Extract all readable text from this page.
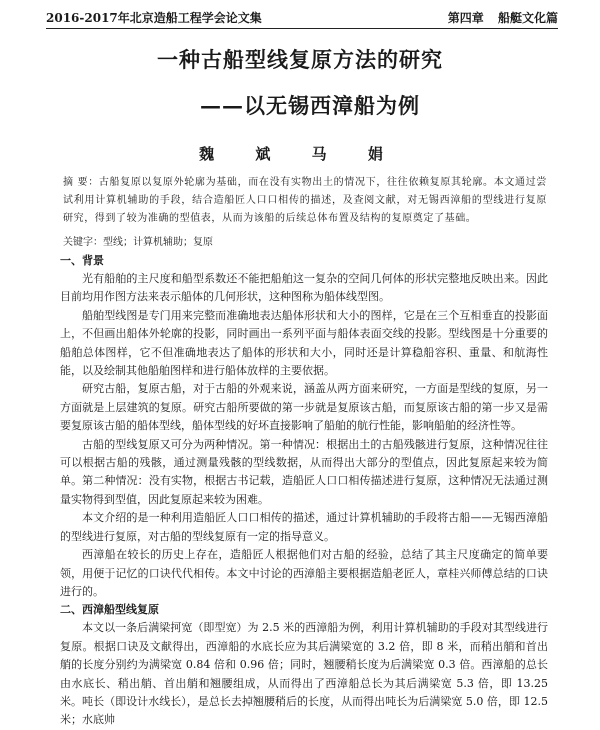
2016-2017年北京造船工程学会论文集	第四章 船艇文化篇
一种古船型线复原方法的研究
——以无锡西漳船为例
魏 斌 马 娟
摘 要：古船复原以复原外轮廓为基础，而在没有实物出土的情况下，往往依赖复原其轮廓。本文通过尝试利用计算机辅助的手段，结合造船匠人口口相传的描述，及查阅文献，对无锡西漳船的型线进行复原研究，得到了较为准确的型值表，从而为该船的后续总体布置及结构的复原奠定了基础。
关键字：型线；计算机辅助；复原
一、背景

光有船舶的主尺度和船型系数还不能把船舶这一复杂的空间几何体的形状完整地反映出来。因此目前均用作图方法来表示船体的几何形状，这种图称为船体线型图。

船舶型线图是专门用来完整而准确地表达船体形状和大小的图样，它是在三个互相垂直的投影面上，不但画出船体外轮廓的投影，同时画出一系列平面与船体表面交线的投影。型线图是十分重要的船舶总体图样，它不但准确地表达了船体的形状和大小，同时还是计算稳船容积、重量、和航海性能，以及绘制其他船舶图样和进行船体放样的主要依据。

研究古船，复原古船，对于古船的外观来说，涵盖从两方面来研究，一方面是型线的复原，另一方面就是上层建筑的复原。研究古船所要做的第一步就是复原该古船，而复原该古船的第一步又是需要复原该古船的船体型线，船体型线的好坏直接影响了船舶的航行性能，影响船舶的经济性等。

古船的型线复原又可分为两种情况。第一种情况：根据出土的古船残骸进行复原，这种情况往往可以根据古船的残骸，通过测量残骸的型线数据，从而得出大部分的型值点，因此复原起来较为简单。第二种情况：没有实物，根据古书记载，造船匠人口口相传描述进行复原，这种情况无法通过测量实物得到型值，因此复原起来较为困难。

本文介绍的是一种利用造船匠人口口相传的描述，通过计算机辅助的手段将古船——无锡西漳船的型线进行复原，对古船的型线复原有一定的指导意义。

西漳船在较长的历史上存在，造船匠人根据他们对古船的经验，总结了其主尺度确定的简单要领，用便于记忆的口诀代代相传。本文中讨论的西漳船主要根据造船老匠人，章桂兴师傅总结的口诀进行的。

二、西漳船型线复原

本文以一条后满梁抲宽（即型宽）为 2.5 米的西漳船为例，利用计算机辅助的手段对其型线进行复原。根据口诀及文献得出，西漳船的水底长应为其后满梁宽的 3.2 倍，即 8 米，而稍出艄和首出艄的长度分别约为满梁宽 0.84 倍和 0.96 倍；同时，翘腰稍长度为后满梁宽 0.3 倍。西漳船的总长由水底长、稍出艄、首出艄和翘腰组成，从而得出了西漳船总长为其后满梁宽 5.3 倍，即 13.25 米。吨长（即设计水线长），是总长去掉翘腰稍后的长度，从而得出吨长为后满梁宽 5.0 倍，即 12.5 米；水底帅
